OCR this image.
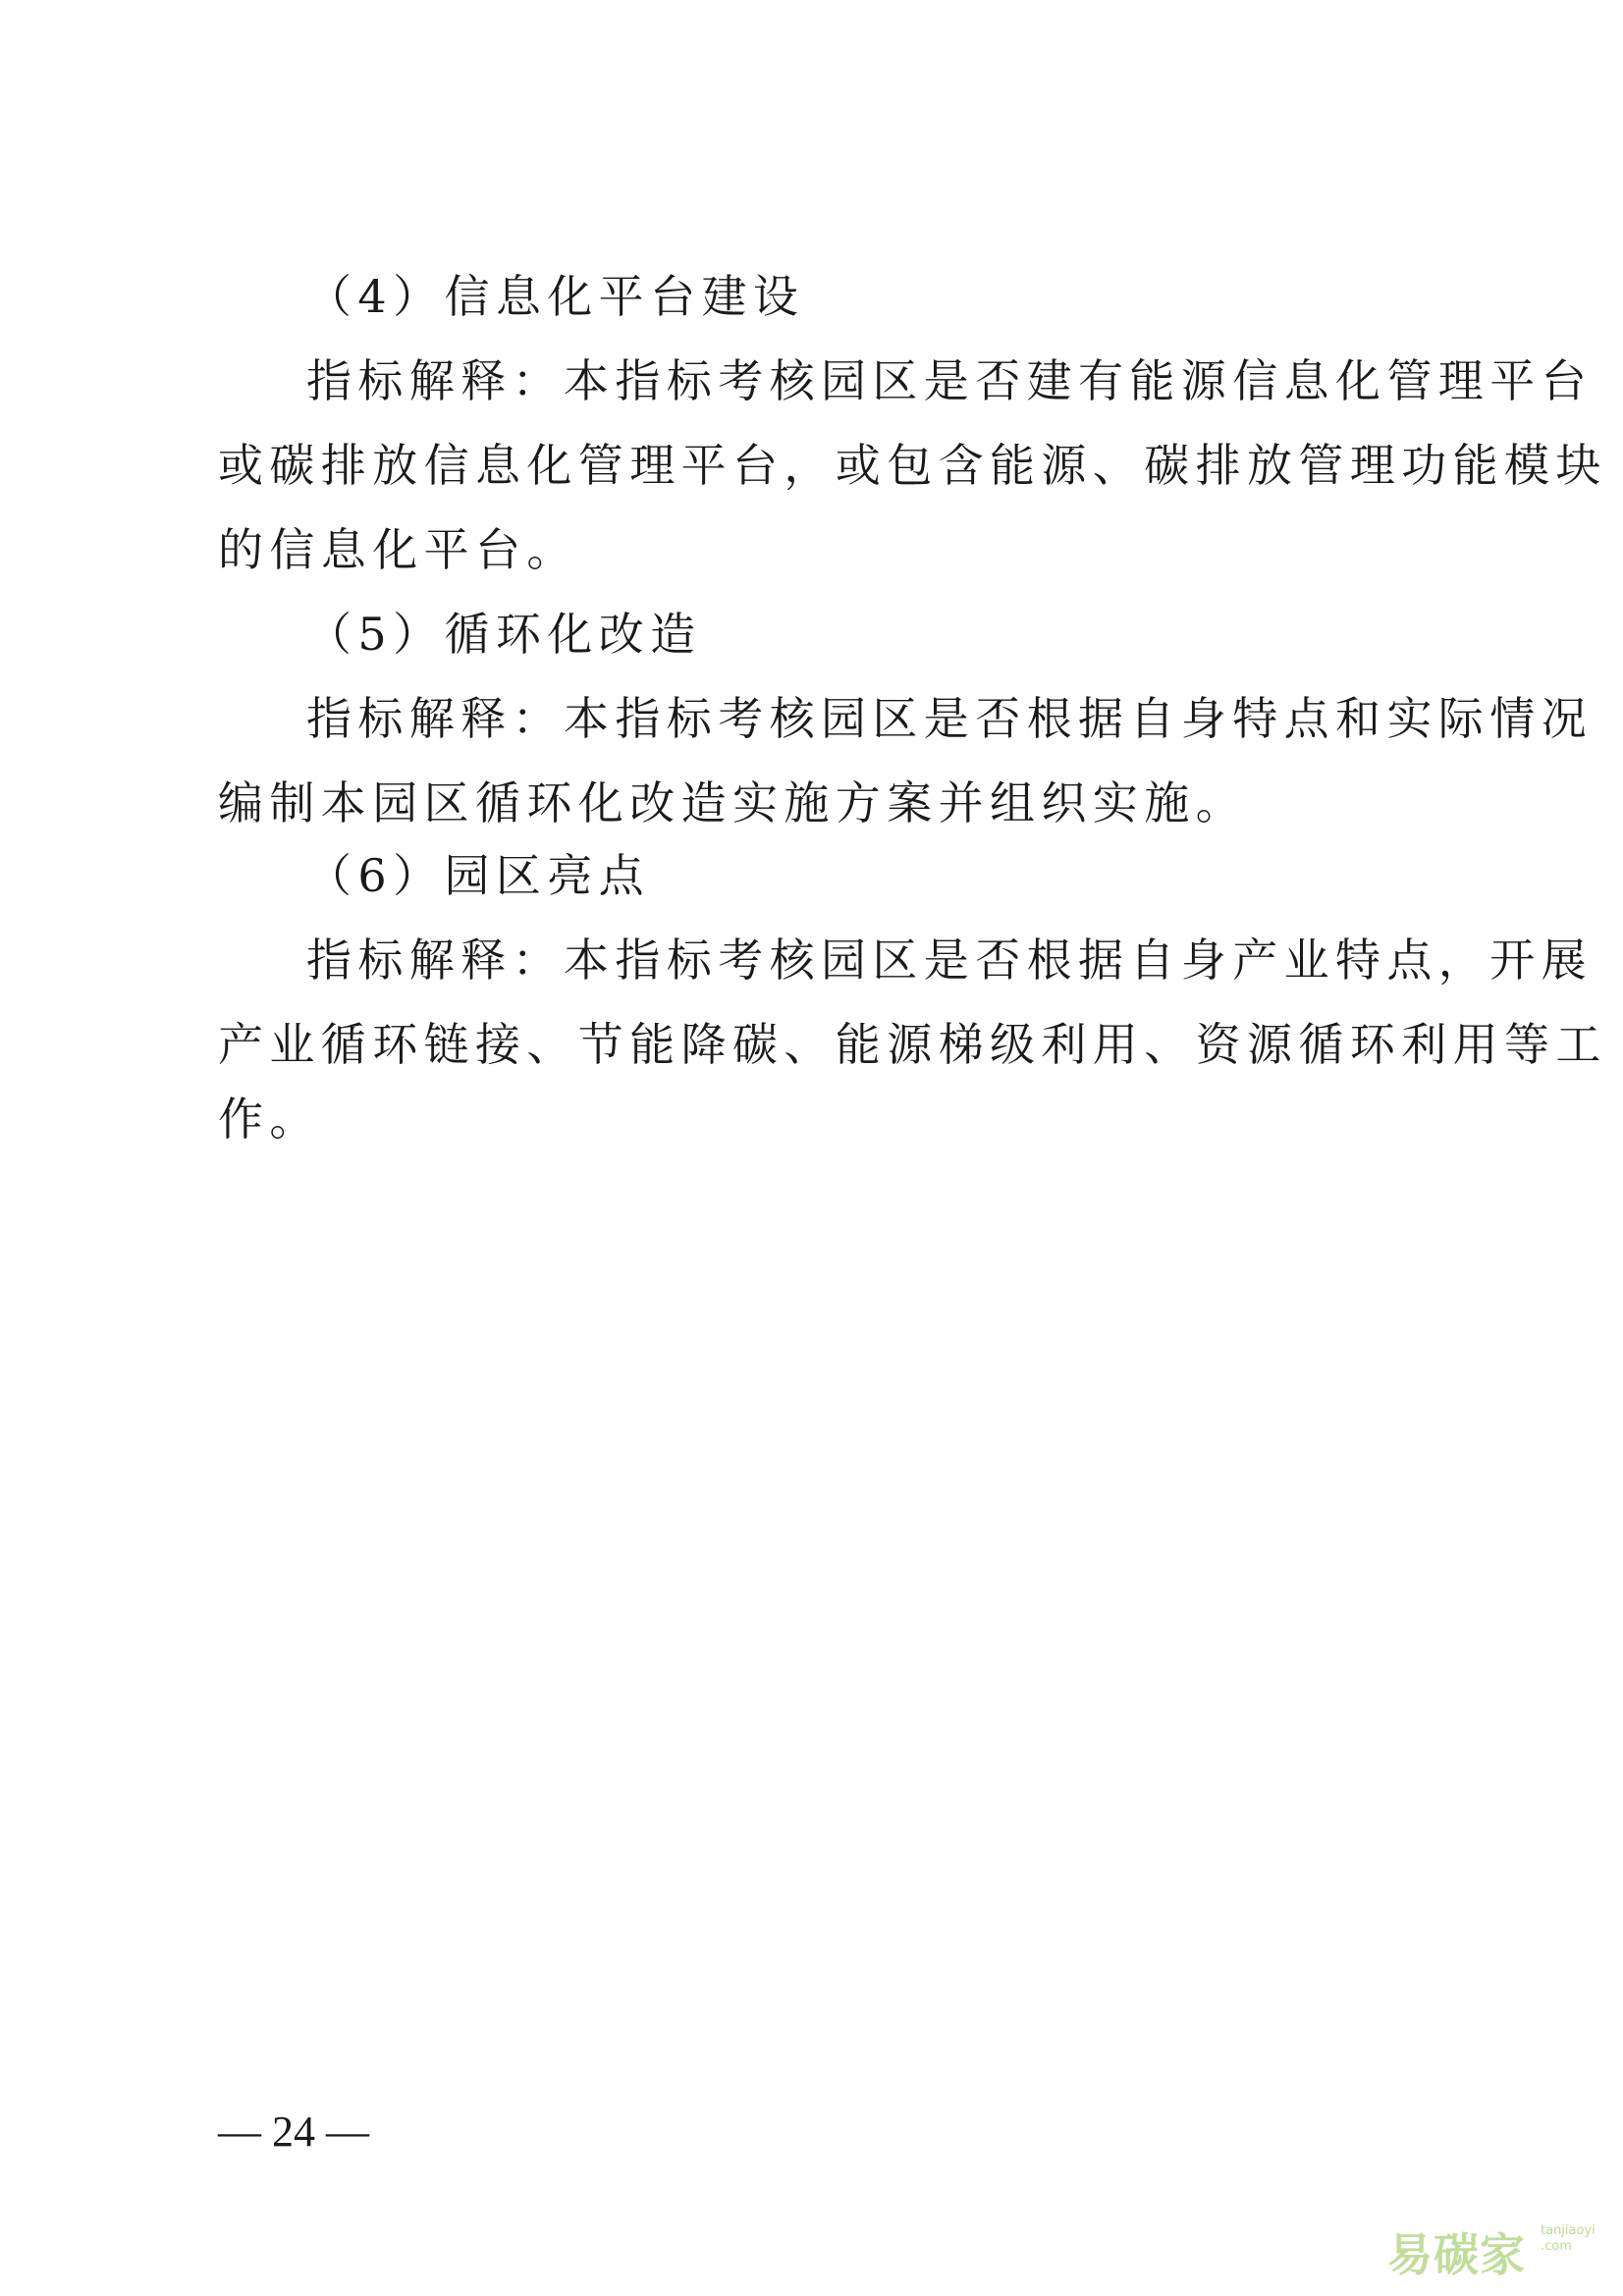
（4）信息化平台建设
指标解释：本指标考核园区是否建有能源信息化管理平台
或碳排放信息化管理平台，或包含能源、碳排放管理功能模块
的信息化平台。
（5）循环化改造
指标解释：本指标考核园区是否根据自身特点和实际情况
编制本园区循环化改造实施方案并组织实施。
（6）园区亮点
指标解释：本指标考核园区是否根据自身产业特点，开展
产业循环链接、节能降碳、能源梯级利用、资源循环利用等工
作。
— 24 —
易碳家 tanjiaoyi
.com
